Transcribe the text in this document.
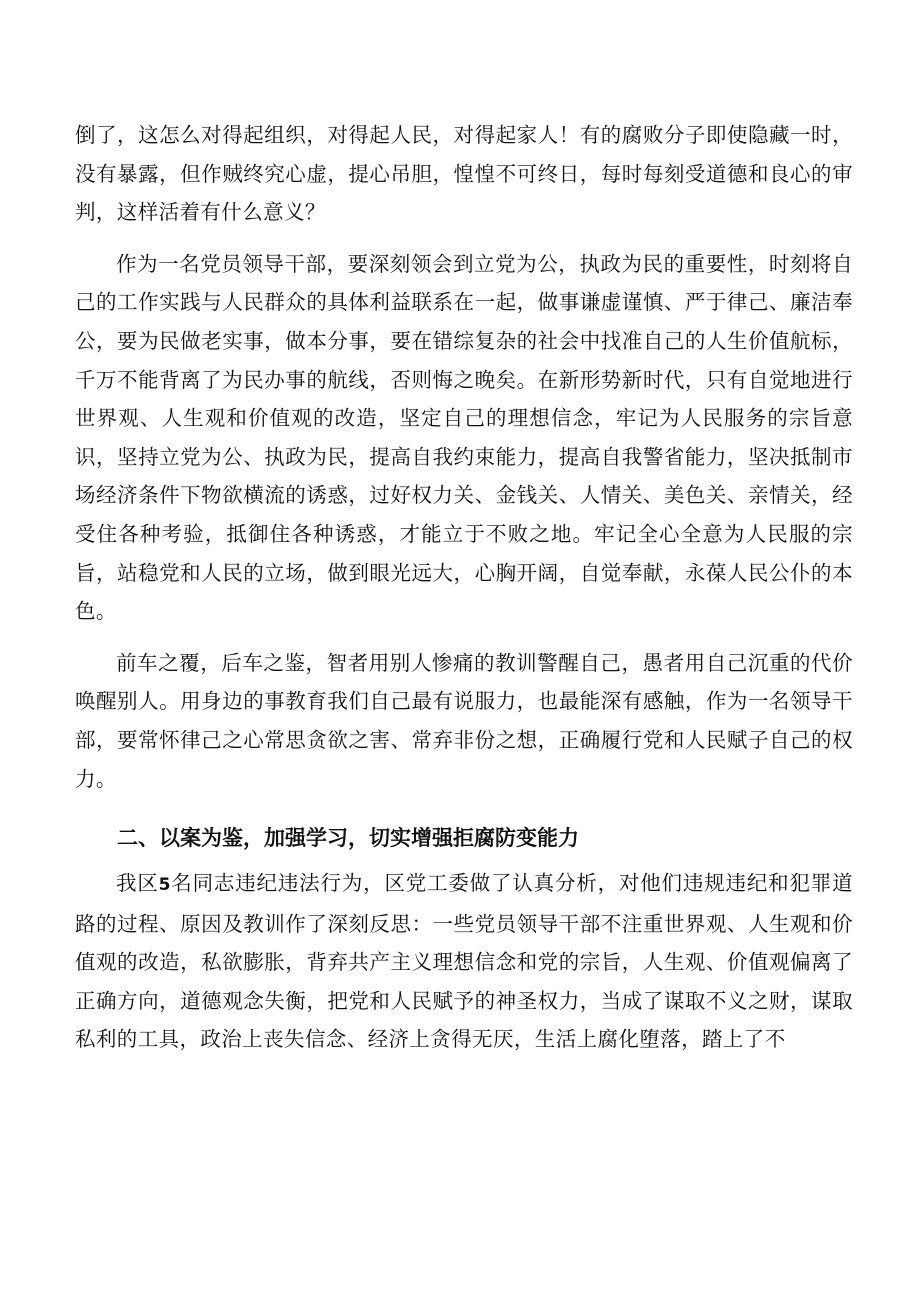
倒了，这怎么对得起组织，对得起人民，对得起家人！有的腐败分子即使隐藏一时，没有暴露，但作贼终究心虚，提心吊胆，惶惶不可终日，每时每刻受道德和良心的审判，这样活着有什么意义？

作为一名党员领导干部，要深刻领会到立党为公，执政为民的重要性，时刻将自己的工作实践与人民群众的具体利益联系在一起，做事谦虚谨慎、严于律己、廉洁奉公，要为民做老实事，做本分事，要在错综复杂的社会中找准自己的人生价值航标，千万不能背离了为民办事的航线，否则悔之晚矣。在新形势新时代，只有自觉地进行世界观、人生观和价值观的改造，坚定自己的理想信念，牢记为人民服务的宗旨意识，坚持立党为公、执政为民，提高自我约束能力，提高自我警省能力，坚决抵制市场经济条件下物欲横流的诱惑，过好权力关、金钱关、人情关、美色关、亲情关，经受住各种考验，抵御住各种诱惑，才能立于不败之地。牢记全心全意为人民服的宗旨，站稳党和人民的立场，做到眼光远大，心胸开阔，自觉奉献，永葆人民公仆的本色。

前车之覆，后车之鉴，智者用别人惨痛的教训警醒自己，愚者用自己沉重的代价唤醒别人。用身边的事教育我们自己最有说服力，也最能深有感触，作为一名领导干部，要常怀律己之心常思贪欲之害、常弃非份之想，正确履行党和人民赋子自己的权力。

二、以案为鉴，加强学习，切实增强拒腐防变能力

我区5名同志违纪违法行为，区党工委做了认真分析，对他们违规违纪和犯罪道路的过程、原因及教训作了深刻反思：一些党员领导干部不注重世界观、人生观和价值观的改造，私欲膨胀，背弃共产主义理想信念和党的宗旨，人生观、价值观偏离了正确方向，道德观念失衡，把党和人民赋予的神圣权力，当成了谋取不义之财，谋取私利的工具，政治上丧失信念、经济上贪得无厌，生活上腐化堕落，踏上了不
